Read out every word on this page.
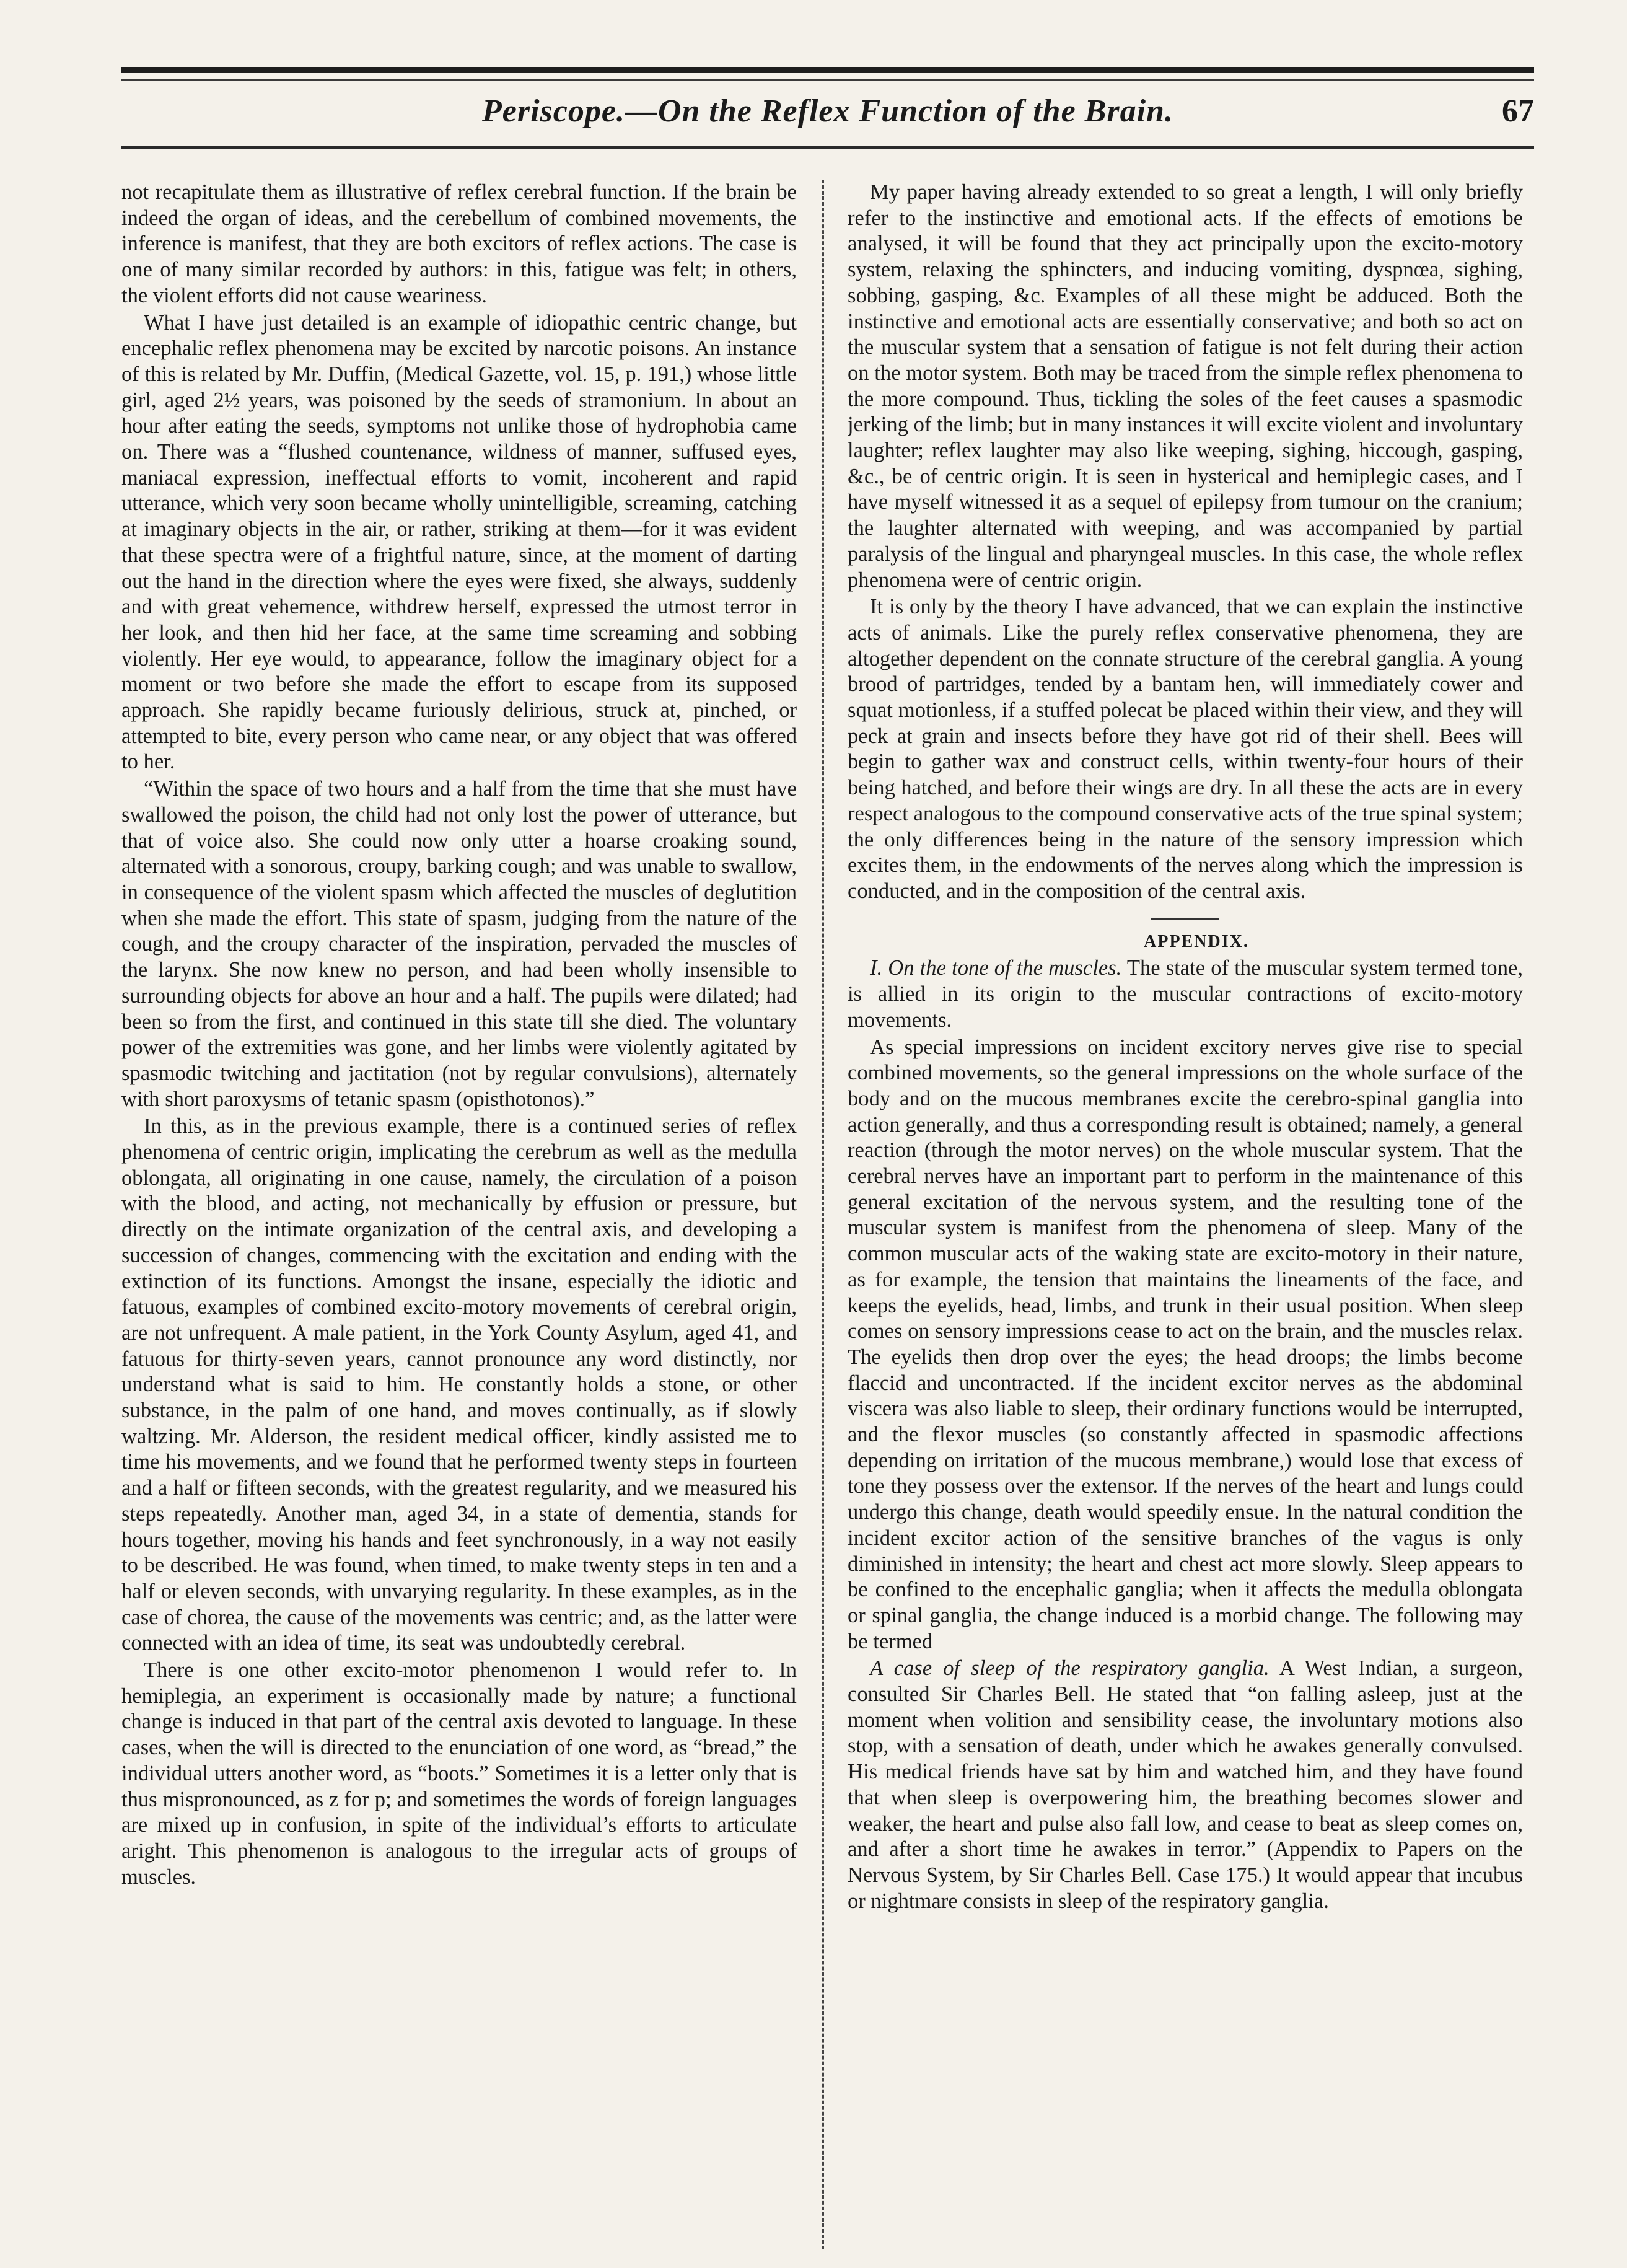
Periscope.—On the Reflex Function of the Brain.	67

not recapitulate them as illustrative of reflex cerebral function. If the brain be indeed the organ of ideas, and the cerebellum of combined movements, the inference is manifest, that they are both excitors of reflex actions. The case is one of many similar recorded by authors: in this, fatigue was felt; in others, the violent efforts did not cause weariness.

What I have just detailed is an example of idiopathic centric change, but encephalic reflex phenomena may be excited by narcotic poisons. An instance of this is related by Mr. Duffin, (Medical Gazette, vol. 15, p. 191,) whose little girl, aged 2½ years, was poisoned by the seeds of stramonium. In about an hour after eating the seeds, symptoms not unlike those of hydrophobia came on. There was a “flushed countenance, wildness of manner, suffused eyes, maniacal expression, ineffectual efforts to vomit, incoherent and rapid utterance, which very soon became wholly unintelligible, screaming, catching at imaginary objects in the air, or rather, striking at them—for it was evident that these spectra were of a frightful nature, since, at the moment of darting out the hand in the direction where the eyes were fixed, she always, suddenly and with great vehemence, withdrew herself, expressed the utmost terror in her look, and then hid her face, at the same time screaming and sobbing violently. Her eye would, to appearance, follow the imaginary object for a moment or two before she made the effort to escape from its supposed approach. She rapidly became furiously delirious, struck at, pinched, or attempted to bite, every person who came near, or any object that was offered to her.

“Within the space of two hours and a half from the time that she must have swallowed the poison, the child had not only lost the power of utterance, but that of voice also. She could now only utter a hoarse croaking sound, alternated with a sonorous, croupy, barking cough; and was unable to swallow, in consequence of the violent spasm which affected the muscles of deglutition when she made the effort. This state of spasm, judging from the nature of the cough, and the croupy character of the inspiration, pervaded the muscles of the larynx. She now knew no person, and had been wholly insensible to surrounding objects for above an hour and a half. The pupils were dilated; had been so from the first, and continued in this state till she died. The voluntary power of the extremities was gone, and her limbs were violently agitated by spasmodic twitching and jactitation (not by regular convulsions), alternately with short paroxysms of tetanic spasm (opisthotonos).”

In this, as in the previous example, there is a continued series of reflex phenomena of centric origin, implicating the cerebrum as well as the medulla oblongata, all originating in one cause, namely, the circulation of a poison with the blood, and acting, not mechanically by effusion or pressure, but directly on the intimate organization of the central axis, and developing a succession of changes, commencing with the excitation and ending with the extinction of its functions. Amongst the insane, especially the idiotic and fatuous, examples of combined excito-motory movements of cerebral origin, are not unfrequent. A male patient, in the York County Asylum, aged 41, and fatuous for thirty-seven years, cannot pronounce any word distinctly, nor understand what is said to him. He constantly holds a stone, or other substance, in the palm of one hand, and moves continually, as if slowly waltzing. Mr. Alderson, the resident medical officer, kindly assisted me to time his movements, and we found that he performed twenty steps in fourteen and a half or fifteen seconds, with the greatest regularity, and we measured his steps repeatedly. Another man, aged 34, in a state of dementia, stands for hours together, moving his hands and feet synchronously, in a way not easily to be described. He was found, when timed, to make twenty steps in ten and a half or eleven seconds, with unvarying regularity. In these examples, as in the case of chorea, the cause of the movements was centric; and, as the latter were connected with an idea of time, its seat was undoubtedly cerebral.

There is one other excito-motor phenomenon I would refer to. In hemiplegia, an experiment is occasionally made by nature; a functional change is induced in that part of the central axis devoted to language. In these cases, when the will is directed to the enunciation of one word, as “bread,” the individual utters another word, as “boots.” Sometimes it is a letter only that is thus mispronounced, as z for p; and sometimes the words of foreign languages are mixed up in confusion, in spite of the individual’s efforts to articulate aright. This phenomenon is analogous to the irregular acts of groups of muscles.

My paper having already extended to so great a length, I will only briefly refer to the instinctive and emotional acts. If the effects of emotions be analysed, it will be found that they act principally upon the excito-motory system, relaxing the sphincters, and inducing vomiting, dyspnœa, sighing, sobbing, gasping, &c. Examples of all these might be adduced. Both the instinctive and emotional acts are essentially conservative; and both so act on the muscular system that a sensation of fatigue is not felt during their action on the motor system. Both may be traced from the simple reflex phenomena to the more compound. Thus, tickling the soles of the feet causes a spasmodic jerking of the limb; but in many instances it will excite violent and involuntary laughter; reflex laughter may also like weeping, sighing, hiccough, gasping, &c., be of centric origin. It is seen in hysterical and hemiplegic cases, and I have myself witnessed it as a sequel of epilepsy from tumour on the cranium; the laughter alternated with weeping, and was accompanied by partial paralysis of the lingual and pharyngeal muscles. In this case, the whole reflex phenomena were of centric origin.

It is only by the theory I have advanced, that we can explain the instinctive acts of animals. Like the purely reflex conservative phenomena, they are altogether dependent on the connate structure of the cerebral ganglia. A young brood of partridges, tended by a bantam hen, will immediately cower and squat motionless, if a stuffed polecat be placed within their view, and they will peck at grain and insects before they have got rid of their shell. Bees will begin to gather wax and construct cells, within twenty-four hours of their being hatched, and before their wings are dry. In all these the acts are in every respect analogous to the compound conservative acts of the true spinal system; the only differences being in the nature of the sensory impression which excites them, in the endowments of the nerves along which the impression is conducted, and in the composition of the central axis.

APPENDIX.

I. On the tone of the muscles. The state of the muscular system termed tone, is allied in its origin to the muscular contractions of excito-motory movements.

As special impressions on incident excitory nerves give rise to special combined movements, so the general impressions on the whole surface of the body and on the mucous membranes excite the cerebro-spinal ganglia into action generally, and thus a corresponding result is obtained; namely, a general reaction (through the motor nerves) on the whole muscular system. That the cerebral nerves have an important part to perform in the maintenance of this general excitation of the nervous system, and the resulting tone of the muscular system is manifest from the phenomena of sleep. Many of the common muscular acts of the waking state are excito-motory in their nature, as for example, the tension that maintains the lineaments of the face, and keeps the eyelids, head, limbs, and trunk in their usual position. When sleep comes on sensory impressions cease to act on the brain, and the muscles relax. The eyelids then drop over the eyes; the head droops; the limbs become flaccid and uncontracted. If the incident excitor nerves as the abdominal viscera was also liable to sleep, their ordinary functions would be interrupted, and the flexor muscles (so constantly affected in spasmodic affections depending on irritation of the mucous membrane,) would lose that excess of tone they possess over the extensor. If the nerves of the heart and lungs could undergo this change, death would speedily ensue. In the natural condition the incident excitor action of the sensitive branches of the vagus is only diminished in intensity; the heart and chest act more slowly. Sleep appears to be confined to the encephalic ganglia; when it affects the medulla oblongata or spinal ganglia, the change induced is a morbid change. The following may be termed

A case of sleep of the respiratory ganglia. A West Indian, a surgeon, consulted Sir Charles Bell. He stated that “on falling asleep, just at the moment when volition and sensibility cease, the involuntary motions also stop, with a sensation of death, under which he awakes generally convulsed. His medical friends have sat by him and watched him, and they have found that when sleep is overpowering him, the breathing becomes slower and weaker, the heart and pulse also fall low, and cease to beat as sleep comes on, and after a short time he awakes in terror.” (Appendix to Papers on the Nervous System, by Sir Charles Bell. Case 175.) It would appear that incubus or nightmare consists in sleep of the respiratory ganglia.
